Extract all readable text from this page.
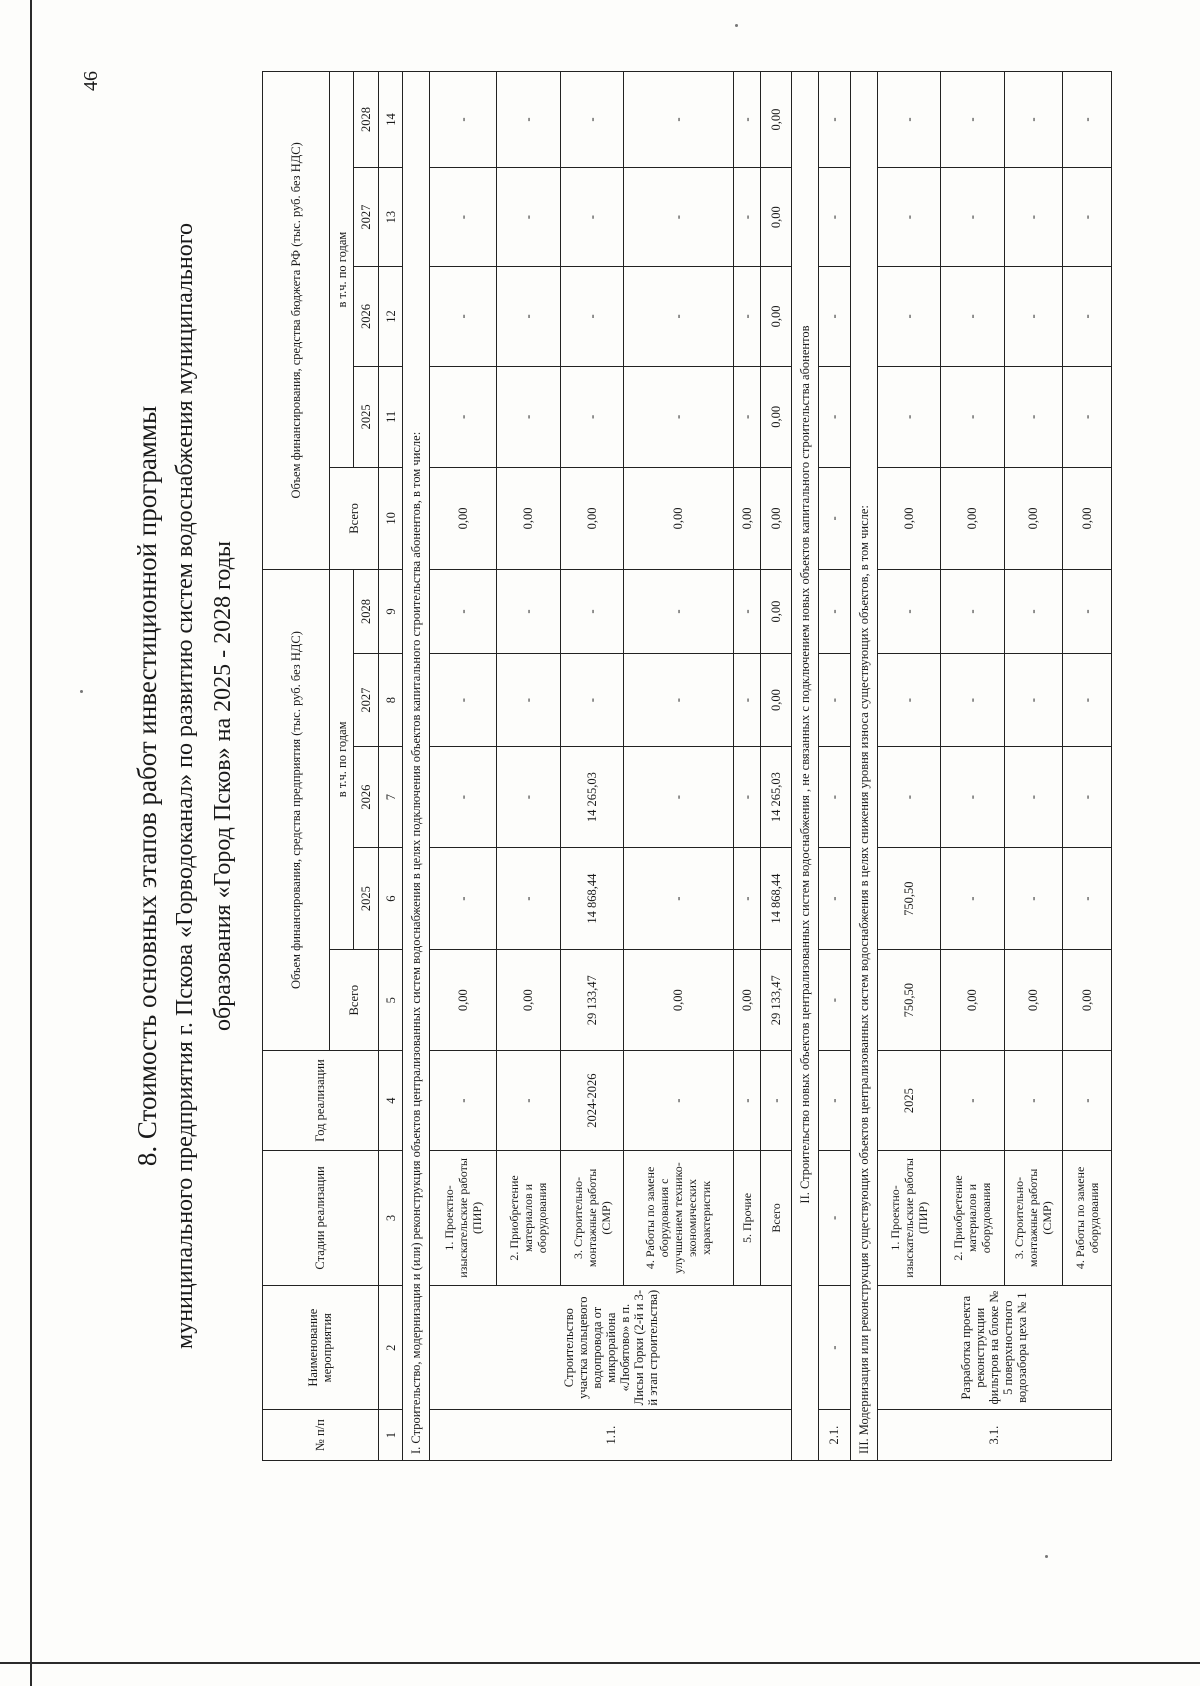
46
8. Стоимость основных этапов работ инвестиционной программы муниципального предприятия г. Пскова «Горводоканал» по развитию систем водоснабжения муниципального образования «Город Псков» на 2025 - 2028 годы
№ п/п	Наименование мероприятия	Стадии реализации	Год реализации	Объем финансирования, средства предприятия (тыс. руб. без НДС)					Объем финансирования, средства бюджета РФ (тыс. руб. без НДС)				
				Всего	в т.ч. по годам				Всего	в т.ч. по годам			
					2025	2026	2027	2028		2025	2026	2027	2028
1	2	3	4	5	6	7	8	9	10	11	12	13	14
I. Строительство, модернизация и (или) реконструкция объектов централизованных систем водоснабжения в целях подключения объектов капитального строительства абонентов, в том числе:													
1.1.	Строительство участка кольцевого водопровода от микрорайона «Любятово» в п. Лисьи Горки (2-й и 3-й этап строительства)	1. Проектно-изыскательские работы (ПИР)	-	0,00	-	-	-	-	0,00	-	-	-	-
		2. Приобретение материалов и оборудования	-	0,00	-	-	-	-	0,00	-	-	-	-
		3. Строительно-монтажные работы (СМР)	2024-2026	29 133,47	14 868,44	14 265,03	-	-	0,00	-	-	-	-
		4. Работы по замене оборудования с улучшением технико-экономических характеристик	-	0,00	-	-	-	-	0,00	-	-	-	-
		5. Прочие	-	0,00	-	-	-	-	0,00	-	-	-	-
		Всего	-	29 133,47	14 868,44	14 265,03	0,00	0,00	0,00	0,00	0,00	0,00	0,00
II. Строительство новых объектов централизованных систем водоснабжения , не связанных с подключением новых объектов капитального строительства абонентов													
2.1.	-	-	-	-	-	-	-	-	-	-	-	-	-
III. Модернизация или реконструкция существующих объектов централизованных систем водоснабжения в целях снижения уровня износа существующих объектов, в том числе:													
3.1.	Разработка проекта реконструкции фильтров на блоке № 5 поверхностного водозабора цеха № 1	1. Проектно-изыскательские работы (ПИР)	2025	750,50	750,50	-	-	-	0,00	-	-	-	-
		2. Приобретение материалов и оборудования	-	0,00	-	-	-	-	0,00	-	-	-	-
		3. Строительно-монтажные работы (СМР)	-	0,00	-	-	-	-	0,00	-	-	-	-
		4. Работы по замене оборудования	-	0,00	-	-	-	-	0,00	-	-	-	-
